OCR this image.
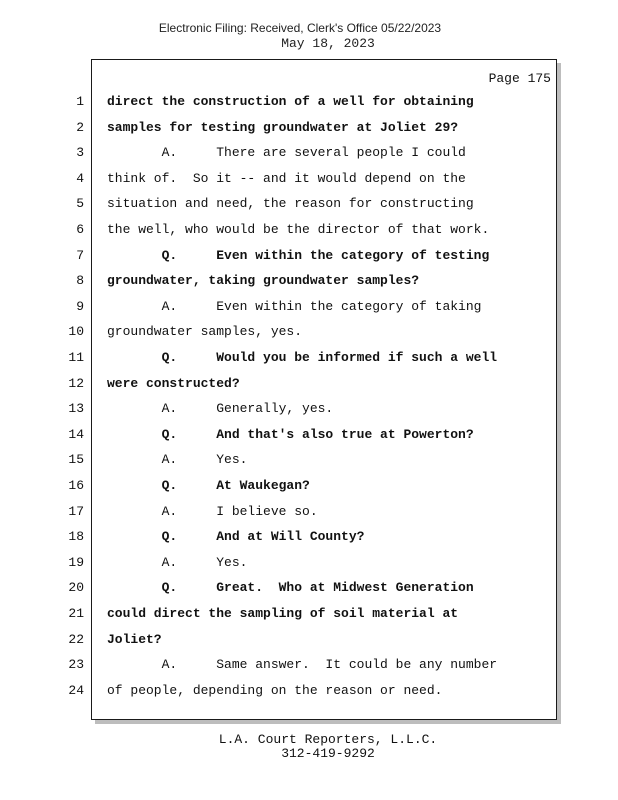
Electronic Filing: Received, Clerk's Office 05/22/2023
May 18, 2023
Page 175
1 direct the construction of a well for obtaining
2 samples for testing groundwater at Joliet 29?
3 A.     There are several people I could
4 think of.  So it -- and it would depend on the
5 situation and need, the reason for constructing
6 the well, who would be the director of that work.
7 Q.     Even within the category of testing
8 groundwater, taking groundwater samples?
9 A.     Even within the category of taking
10 groundwater samples, yes.
11 Q.     Would you be informed if such a well
12 were constructed?
13 A.     Generally, yes.
14 Q.     And that's also true at Powerton?
15 A.     Yes.
16 Q.     At Waukegan?
17 A.     I believe so.
18 Q.     And at Will County?
19 A.     Yes.
20 Q.     Great.  Who at Midwest Generation
21 could direct the sampling of soil material at
22 Joliet?
23 A.     Same answer.  It could be any number
24 of people, depending on the reason or need.
L.A. Court Reporters, L.L.C.
312-419-9292
